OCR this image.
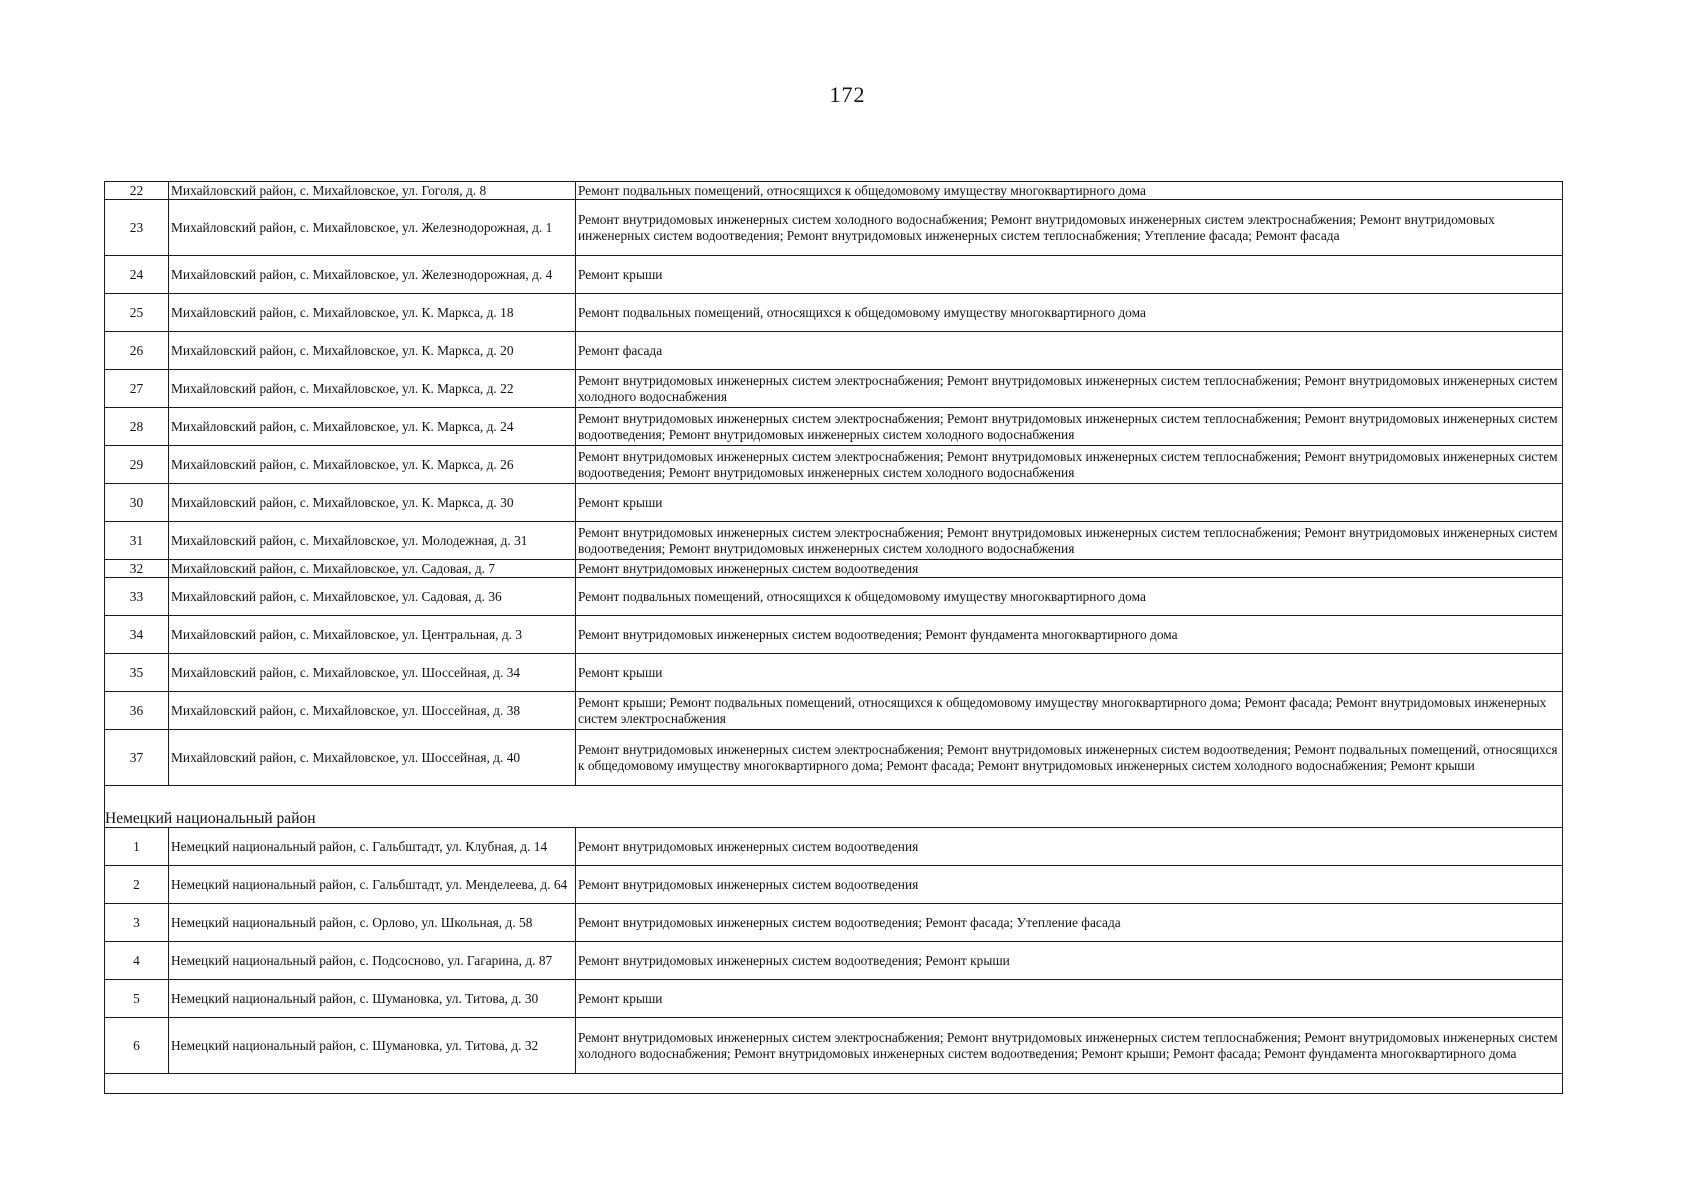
172
22	Михайловский район, с. Михайловское, ул. Гоголя, д. 8	Ремонт подвальных помещений, относящихся к общедомовому имуществу многоквартирного дома
23	Михайловский район, с. Михайловское, ул. Железнодорожная, д. 1	Ремонт внутридомовых инженерных систем холодного водоснабжения; Ремонт внутридомовых инженерных систем электроснабжения; Ремонт внутридомовых инженерных систем водоотведения; Ремонт внутридомовых инженерных систем теплоснабжения; Утепление фасада; Ремонт фасада
24	Михайловский район, с. Михайловское, ул. Железнодорожная, д. 4	Ремонт крыши
25	Михайловский район, с. Михайловское, ул. К. Маркса, д. 18	Ремонт подвальных помещений, относящихся к общедомовому имуществу многоквартирного дома
26	Михайловский район, с. Михайловское, ул. К. Маркса, д. 20	Ремонт фасада
27	Михайловский район, с. Михайловское, ул. К. Маркса, д. 22	Ремонт внутридомовых инженерных систем электроснабжения; Ремонт внутридомовых инженерных систем теплоснабжения; Ремонт внутридомовых инженерных систем холодного водоснабжения
28	Михайловский район, с. Михайловское, ул. К. Маркса, д. 24	Ремонт внутридомовых инженерных систем электроснабжения; Ремонт внутридомовых инженерных систем теплоснабжения; Ремонт внутридомовых инженерных систем водоотведения; Ремонт внутридомовых инженерных систем холодного водоснабжения
29	Михайловский район, с. Михайловское, ул. К. Маркса, д. 26	Ремонт внутридомовых инженерных систем электроснабжения; Ремонт внутридомовых инженерных систем теплоснабжения; Ремонт внутридомовых инженерных систем водоотведения; Ремонт внутридомовых инженерных систем холодного водоснабжения
30	Михайловский район, с. Михайловское, ул. К. Маркса, д. 30	Ремонт крыши
31	Михайловский район, с. Михайловское, ул. Молодежная, д. 31	Ремонт внутридомовых инженерных систем электроснабжения; Ремонт внутридомовых инженерных систем теплоснабжения; Ремонт внутридомовых инженерных систем водоотведения; Ремонт внутридомовых инженерных систем холодного водоснабжения
32	Михайловский район, с. Михайловское, ул. Садовая, д. 7	Ремонт внутридомовых инженерных систем водоотведения
33	Михайловский район, с. Михайловское, ул. Садовая, д. 36	Ремонт подвальных помещений, относящихся к общедомовому имуществу многоквартирного дома
34	Михайловский район, с. Михайловское, ул. Центральная, д. 3	Ремонт внутридомовых инженерных систем водоотведения; Ремонт фундамента многоквартирного дома
35	Михайловский район, с. Михайловское, ул. Шоссейная, д. 34	Ремонт крыши
36	Михайловский район, с. Михайловское, ул. Шоссейная, д. 38	Ремонт крыши; Ремонт подвальных помещений, относящихся к общедомовому имуществу многоквартирного дома; Ремонт фасада; Ремонт внутридомовых инженерных систем электроснабжения
37	Михайловский район, с. Михайловское, ул. Шоссейная, д. 40	Ремонт внутридомовых инженерных систем электроснабжения; Ремонт внутридомовых инженерных систем водоотведения; Ремонт подвальных помещений, относящихся к общедомовому имуществу многоквартирного дома; Ремонт фасада; Ремонт внутридомовых инженерных систем холодного водоснабжения; Ремонт крыши
Немецкий национальный район		
1	Немецкий национальный район, с. Гальбштадт, ул. Клубная, д. 14	Ремонт внутридомовых инженерных систем водоотведения
2	Немецкий национальный район, с. Гальбштадт, ул. Менделеева, д. 64	Ремонт внутридомовых инженерных систем водоотведения
3	Немецкий национальный район, с. Орлово, ул. Школьная, д. 58	Ремонт внутридомовых инженерных систем водоотведения; Ремонт фасада; Утепление фасада
4	Немецкий национальный район, с. Подсосново, ул. Гагарина, д. 87	Ремонт внутридомовых инженерных систем водоотведения; Ремонт крыши
5	Немецкий национальный район, с. Шумановка, ул. Титова, д. 30	Ремонт крыши
6	Немецкий национальный район, с. Шумановка, ул. Титова, д. 32	Ремонт внутридомовых инженерных систем электроснабжения; Ремонт внутридомовых инженерных систем теплоснабжения; Ремонт внутридомовых инженерных систем холодного водоснабжения; Ремонт внутридомовых инженерных систем водоотведения; Ремонт крыши; Ремонт фасада; Ремонт фундамента многоквартирного дома
